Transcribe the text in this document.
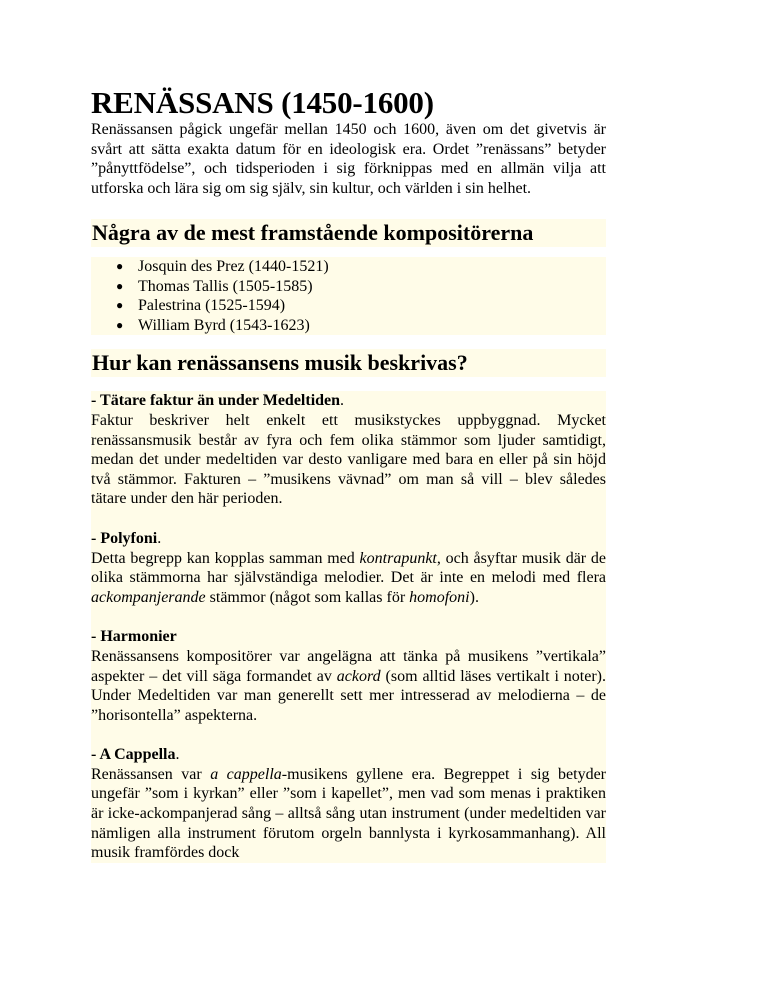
RENÄSSANS (1450-1600)

Renässansen pågick ungefär mellan 1450 och 1600, även om det givetvis är svårt att sätta exakta datum för en ideologisk era. Ordet ”renässans” betyder ”pånyttfödelse”, och tidsperioden i sig förknippas med en allmän vilja att utforska och lära sig om sig själv, sin kultur, och världen i sin helhet.

Några av de mest framstående kompositörerna
● Josquin des Prez (1440-1521)
● Thomas Tallis (1505-1585)
● Palestrina (1525-1594)
● William Byrd (1543-1623)
Hur kan renässansens musik beskrivas?

- Tätare faktur än under Medeltiden.
Faktur beskriver helt enkelt ett musikstyckes uppbyggnad. Mycket renässansmusik består av fyra och fem olika stämmor som ljuder samtidigt, medan det under medeltiden var desto vanligare med bara en eller på sin höjd två stämmor. Fakturen – ”musikens vävnad” om man så vill – blev således tätare under den här perioden.

- Polyfoni.
Detta begrepp kan kopplas samman med kontrapunkt, och åsyftar musik där de olika stämmorna har självständiga melodier. Det är inte en melodi med flera ackompanjerande stämmor (något som kallas för homofoni).

- Harmonier
Renässansens kompositörer var angelägna att tänka på musikens ”vertikala” aspekter – det vill säga formandet av ackord (som alltid läses vertikalt i noter). Under Medeltiden var man generellt sett mer intresserad av melodierna – de ”horisontella” aspekterna.

- A Cappella.
Renässansen var a cappella-musikens gyllene era. Begreppet i sig betyder ungefär ”som i kyrkan” eller ”som i kapellet”, men vad som menas i praktiken är icke-ackompanjerad sång – alltså sång utan instrument (under medeltiden var nämligen alla instrument förutom orgeln bannlysta i kyrkosammanhang). All musik framfördes dock
